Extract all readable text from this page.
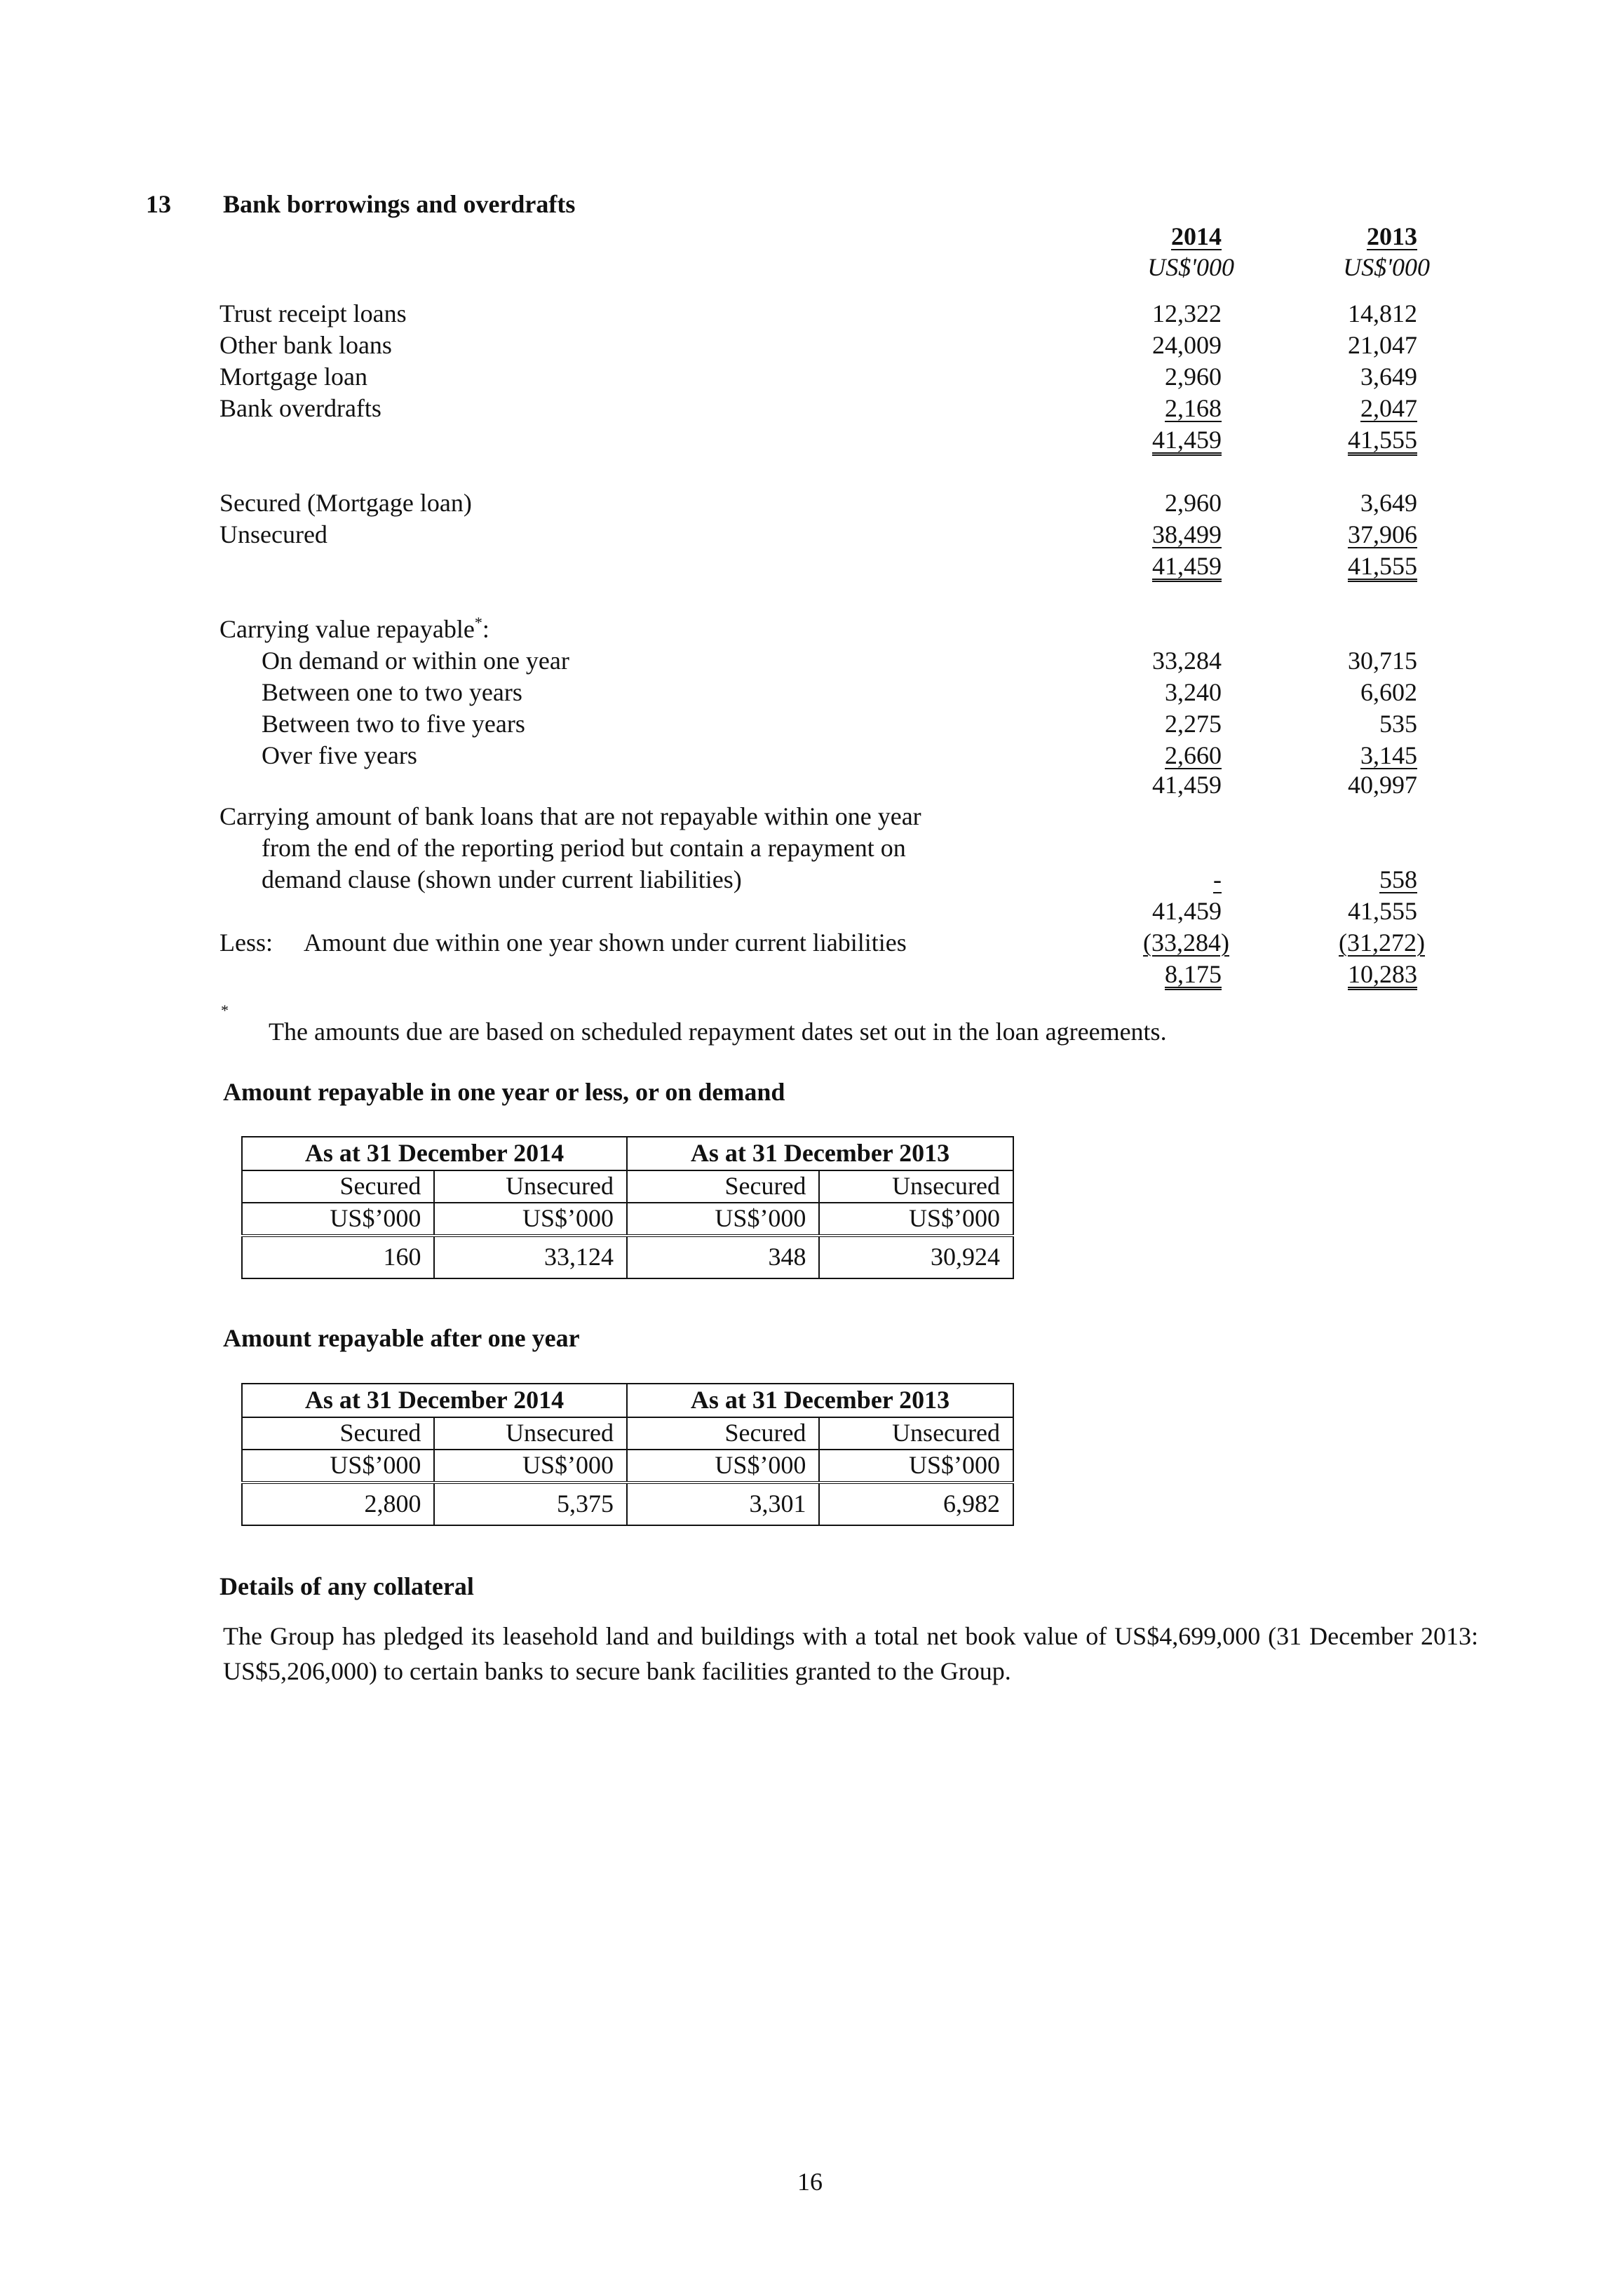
13 Bank borrowings and overdrafts
2014	2013
US$'000	US$'000
Trust receipt loans	12,322	14,812
Other bank loans	24,009	21,047
Mortgage loan	2,960	3,649
Bank overdrafts	2,168	2,047
41,459	41,555
Secured (Mortgage loan)	2,960	3,649
Unsecured	38,499	37,906
41,459	41,555
Carrying value repayable*:
On demand or within one year	33,284	30,715
Between one to two years	3,240	6,602
Between two to five years	2,275	535
Over five years	2,660	3,145
41,459	40,997
Carrying amount of bank loans that are not repayable within one year
from the end of the reporting period but contain a repayment on
demand clause (shown under current liabilities)	-	558
41,459	41,555
Less: Amount due within one year shown under current liabilities	(33,284)	(31,272)
8,175	10,283
*
The amounts due are based on scheduled repayment dates set out in the loan agreements.
Amount repayable in one year or less, or on demand
As at 31 December 2014		As at 31 December 2013	
Secured	Unsecured	Secured	Unsecured
US$’000	US$’000	US$’000	US$’000
160	33,124	348	30,924
Amount repayable after one year
As at 31 December 2014		As at 31 December 2013	
Secured	Unsecured	Secured	Unsecured
US$’000	US$’000	US$’000	US$’000
2,800	5,375	3,301	6,982
Details of any collateral
The Group has pledged its leasehold land and buildings with a total net book value of US$4,699,000 (31 December 2013: US$5,206,000) to certain banks to secure bank facilities granted to the Group.
16
